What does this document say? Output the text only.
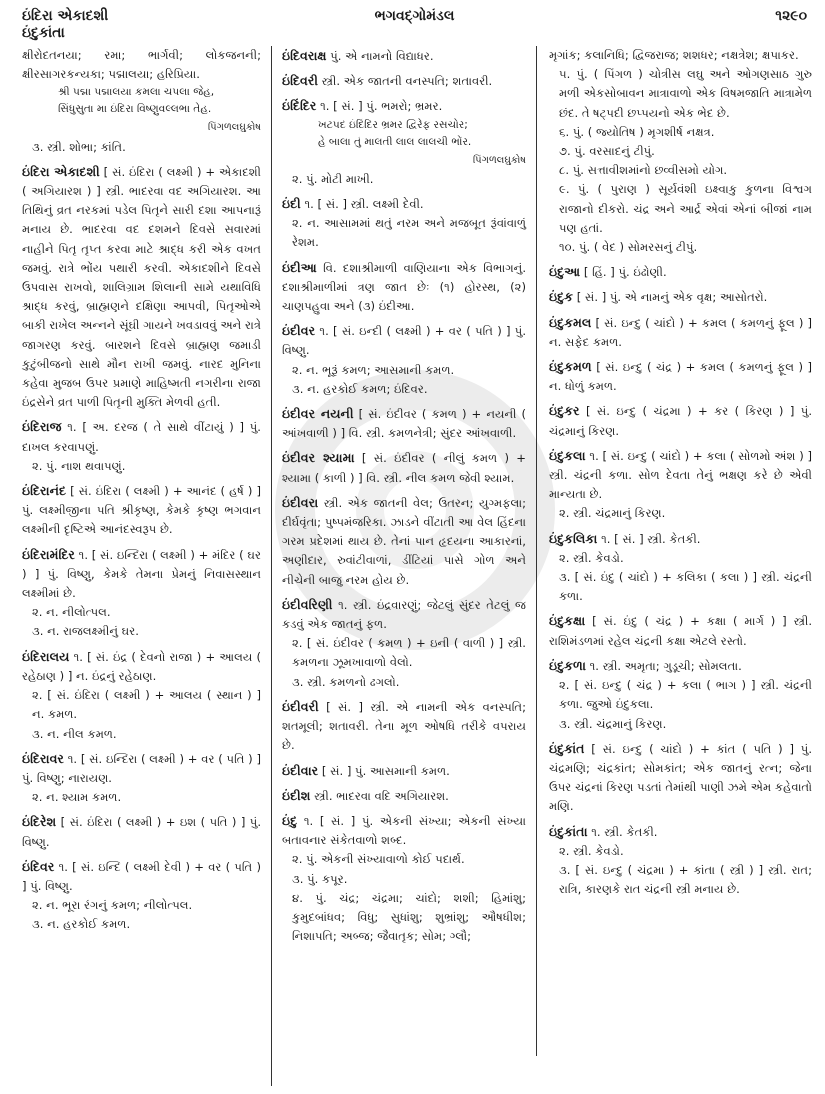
ઇંદિરા એકાદશી
ઇંદુકાંતા
ભગવદ્ગોમંડલ	૧૨૯૦
ક્ષીરોદતનયા; રમા; ભાર્ગવી; લોકજનની; ક્ષીરસાગરકન્યકા; પદ્માલયા; હરિપ્રિયા.
શ્રી પદ્મા પદ્માલયા કમલા ચપલા જેહ,
સિંધુસુતા મા ઇંદિરા વિષ્ણુવલ્લભા તેહ.
પિંગળલઘુકોષ
૩. સ્ત્રી. શોભા; કાંતિ.
ઇંદિરા એકાદશી [ સં. ઇંદિરા ( લક્ષ્મી ) + એકાદશી ( અગિયારશ ) ] સ્ત્રી. ભાદરવા વદ અગિયારશ. આ તિથિનું વ્રત નરકમાં પડેલ પિતૃને સારી દશા આપનારૂં મનાય છે. ભાદરવા વદ દશમને દિવસે સવારમાં નાહીને પિતૃ તૃપ્ત કરવા માટે શ્રાદ્ધ કરી એક વખત જમવું. રાત્રે ભોંય પથારી કરવી. એકાદશીને દિવસે ઉપવાસ રાખવો, શાલિગ્રામ શિલાની સામે યથાવિધિ શ્રાદ્ધ કરવું, બ્રાહ્મણને દક્ષિણા આપવી, પિતૃઓએ બાકી રાખેલ અન્નને સૂંઘી ગાયને ખવડાવવું અને રાત્રે જાગરણ કરવું. બારશને દિવસે બ્રાહ્મણ જમાડી કુટુંબીજનો સાથે મૌન રાખી જમવું. નારદ મુનિના કહેવા મુજબ ઉપર પ્રમાણે માહિષ્મતી નગરીના રાજા ઇંદ્રસેને વ્રત પાળી પિતૃની મુક્તિ મેળવી હતી.
ઇંદિરાજ ૧. [ અ. દરજ ( તે સાથે વીંટાયું ) ] પું. દાખલ કરવાપણું.
૨. પું. નાશ થવાપણું.
ઇંદિરાનંદ [ સં. ઇંદિરા ( લક્ષ્મી ) + આનંદ ( હર્ષ ) ] પું. લક્ષ્મીજીના પતિ શ્રીકૃષ્ણ, કેમકે કૃષ્ણ ભગવાન લક્ષ્મીની દૃષ્ટિએ આનંદસ્વરૂપ છે.
ઇંદિરામંદિર ૧. [ સં. ઇન્દિરા ( લક્ષ્મી ) + મંદિર ( ઘર ) ] પું. વિષ્ણુ, કેમકે તેમના પ્રેમનું નિવાસસ્થાન લક્ષ્મીમાં છે.
૨. ન. નીલોત્પલ.
૩. ન. રાજલક્ષ્મીનું ઘર.
ઇંદિરાલય ૧. [ સં. ઇંદ્ર ( દેવનો રાજા ) + આલય ( રહેઠાણ ) ] ન. ઇંદ્રનું રહેઠાણ.
૨. [ સં. ઇંદિરા ( લક્ષ્મી ) + આલય ( સ્થાન ) ] ન. કમળ.
૩. ન. નીલ કમળ.
ઇંદિરાવર ૧. [ સં. ઇન્દિરા ( લક્ષ્મી ) + વર ( પતિ ) ] પું. વિષ્ણુ; નારાયણ.
૨. ન. શ્યામ કમળ.
ઇંદિરેશ [ સં. ઇંદિરા ( લક્ષ્મી ) + ઇશ ( પતિ ) ] પું. વિષ્ણુ.
ઇંદિવર ૧. [ સં. ઇન્દિ ( લક્ષ્મી દેવી ) + વર ( પતિ ) ] પું. વિષ્ણુ.
૨. ન. ભૂરા રંગનું કમળ; નીલોત્પલ.
૩. ન. હરકોઈ કમળ.
ઇંદિવરાક્ષ પું. એ નામનો વિદ્યાધર.
ઇંદિવરી સ્ત્રી. એક જાતની વનસ્પતિ; શતાવરી.
ઇંદિંદિર ૧. [ સં. ] પું. ભમરો; ભ્રમર.
ખટપદ ઇંદિંદિર ભ્રમર દ્વિરેફ રસચોર;
હે બાલા તું માલતી લાલ લાલચી ભોંર.
પિંગળલઘુકોષ
૨. પું. મોટી માખી.
ઇંદી ૧. [ સં. ] સ્ત્રી. લક્ષ્મી દેવી.
૨. ન. આસામમાં થતું નરમ અને મજબૂત રૂંવાંવાળું રેશમ.
ઇંદીઆ વિ. દશાશ્રીમાળી વાણિયાના એક વિભાગનું. દશાશ્રીમાળીમાં ત્રણ જાત છેઃ (૧) હોરસ્થ, (૨) ચાણપહુવા અને (૩) ઇંદીઆ.
ઇંદીવર ૧. [ સં. ઇન્દી ( લક્ષ્મી ) + વર ( પતિ ) ] પું. વિષ્ણુ.
૨. ન. ભૂરૂં કમળ; આસમાની કમળ.
૩. ન. હરકોઈ કમળ; ઇંદિવર.
ઇંદીવર નયની [ સં. ઇંદીવર ( કમળ ) + નયની ( આંખવાળી ) ] વિ. સ્ત્રી. કમળનેત્રી; સુંદર આંખવાળી.
ઇંદીવર શ્યામા [ સં. ઇંદીવર ( નીલું કમળ ) + શ્યામા ( કાળી ) ] વિ. સ્ત્રી. નીલ કમળ જેવી શ્યામ.
ઇંદીવરા સ્ત્રી. એક જાતની વેલ; ઉતરન; યુગ્મફલા; દીર્ઘવૃંતા; પુષ્પમંજરિકા. ઝાડને વીંટાતી આ વેલ હિંદના ગરમ પ્રદેશમાં થાય છે. તેનાં પાન હૃદયના આકારનાં, અણીદાર, રુવાંટીવાળાં, ડીંટિયાં પાસે ગોળ અને નીચેની બાજુ નરમ હોય છે.
ઇંદીવરિણી ૧. સ્ત્રી. ઇંદ્રવારણું; જેટલું સુંદર તેટલું જ કડવું એક જાતનું ફળ.
૨. [ સં. ઇંદીવર ( કમળ ) + ઇની ( વાળી ) ] સ્ત્રી. કમળના ઝૂમખાવાળો વેલો.
૩. સ્ત્રી. કમળનો ઢગલો.
ઇંદીવરી [ સં. ] સ્ત્રી. એ નામની એક વનસ્પતિ; શતમૂલી; શતાવરી. તેના મૂળ ઓષધિ તરીકે વપરાય છે.
ઇંદીવાર [ સં. ] પું. આસમાની કમળ.
ઇંદીશ સ્ત્રી. ભાદરવા વદિ અગિયારશ.
ઇંદુ ૧. [ સં. ] પું. એકની સંખ્યા; એકની સંખ્યા બતાવનાર સંકેતવાળો શબ્દ.
૨. પું. એકની સંખ્યાવાળો કોઈ પદાર્થ.
૩. પું. કપૂર.
૪. પું. ચંદ્ર; ચંદ્રમા; ચાંદો; શશી; હિમાંશુ; કુમુદબાંધવ; વિધુ; સુધાંશુ; શુભ્રાંશુ; ઔષધીશ; નિશાપતિ; અબ્જ; જૈવાતૃક; સોમ; ગ્લૌ;
મૃગાંક; કલાનિધિ; દ્વિજરાજ; શશધર; નક્ષત્રેશ; ક્ષપાકર.
૫. પું. ( પિંગળ ) ચોત્રીસ લઘુ અને ઓગણસાઠ ગુરુ મળી એકસોબાવન માત્રાવાળો એક વિષમજાતિ માત્રામેળ છંદ. તે ષટ્પદી છપ્પયનો એક ભેદ છે.
૬. પું. ( જ્યોતિષ ) મૃગશીર્ષ નક્ષત્ર.
૭. પું. વરસાદનું ટીપું.
૮. પું. સત્તાવીશમાંનો છવ્વીસમો યોગ.
૯. પું. ( પુરાણ ) સૂર્યવંશી ઇક્ષ્વાકુ કુળના વિશ્વગ રાજાનો દીકરો. ચંદ્ર અને આર્દ્ર એવાં એનાં બીજાં નામ પણ હતાં.
૧૦. પું. ( વેદ ) સોમરસનું ટીપું.
ઇંદુઆ [ હિં. ] પું. ઇંઢોણી.
ઇંદુક [ સં. ] પું. એ નામનું એક વૃક્ષ; આસોતરો.
ઇંદુકમલ [ સં. ઇન્દુ ( ચાંદો ) + કમલ ( કમળનું ફૂલ ) ] ન. સફેદ કમળ.
ઇંદુકમળ [ સં. ઇન્દુ ( ચંદ્ર ) + કમલ ( કમળનું ફૂલ ) ] ન. ધોળું કમળ.
ઇંદુકર [ સં. ઇન્દુ ( ચંદ્રમા ) + કર ( કિરણ ) ] પું. ચંદ્રમાનું કિરણ.
ઇંદુકલા ૧. [ સં. ઇન્દુ ( ચાંદો ) + કલા ( સોળમો અંશ ) ] સ્ત્રી. ચંદ્રની કળા. સોળ દેવતા તેનું ભક્ષણ કરે છે એવી માન્યતા છે.
૨. સ્ત્રી. ચંદ્રમાનું કિરણ.
ઇંદુકલિકા ૧. [ સં. ] સ્ત્રી. કેતકી.
૨. સ્ત્રી. કેવડો.
૩. [ સં. ઇંદુ ( ચાંદો ) + કલિકા ( કલા ) ] સ્ત્રી. ચંદ્રની કળા.
ઇંદુકક્ષા [ સં. ઇંદુ ( ચંદ્ર ) + કક્ષા ( માર્ગ ) ] સ્ત્રી. રાશિમંડળમાં રહેલ ચંદ્રની કક્ષા એટલે રસ્તો.
ઇંદુકળા ૧. સ્ત્રી. અમૃતા; ગુડૂચી; સોમલતા.
૨. [ સં. ઇન્દુ ( ચંદ્ર ) + કલા ( ભાગ ) ] સ્ત્રી. ચંદ્રની કળા. જુઓ ઇંદુકલા.
૩. સ્ત્રી. ચંદ્રમાનું કિરણ.
ઇંદુકાંત [ સં. ઇન્દુ ( ચાંદો ) + કાંત ( પતિ ) ] પું. ચંદ્રમણિ; ચંદ્રકાંત; સોમકાંત; એક જાતનું રત્ન; જેના ઉપર ચંદ્રનાં કિરણ પડતાં તેમાંથી પાણી ઝમે એમ કહેવાતો મણિ.
ઇંદુકાંતા ૧. સ્ત્રી. કેતકી.
૨. સ્ત્રી. કેવડો.
૩. [ સં. ઇન્દુ ( ચંદ્રમા ) + કાંતા ( સ્ત્રી ) ] સ્ત્રી. રાત; રાત્રિ, કારણકે રાત ચંદ્રની સ્ત્રી મનાય છે.
